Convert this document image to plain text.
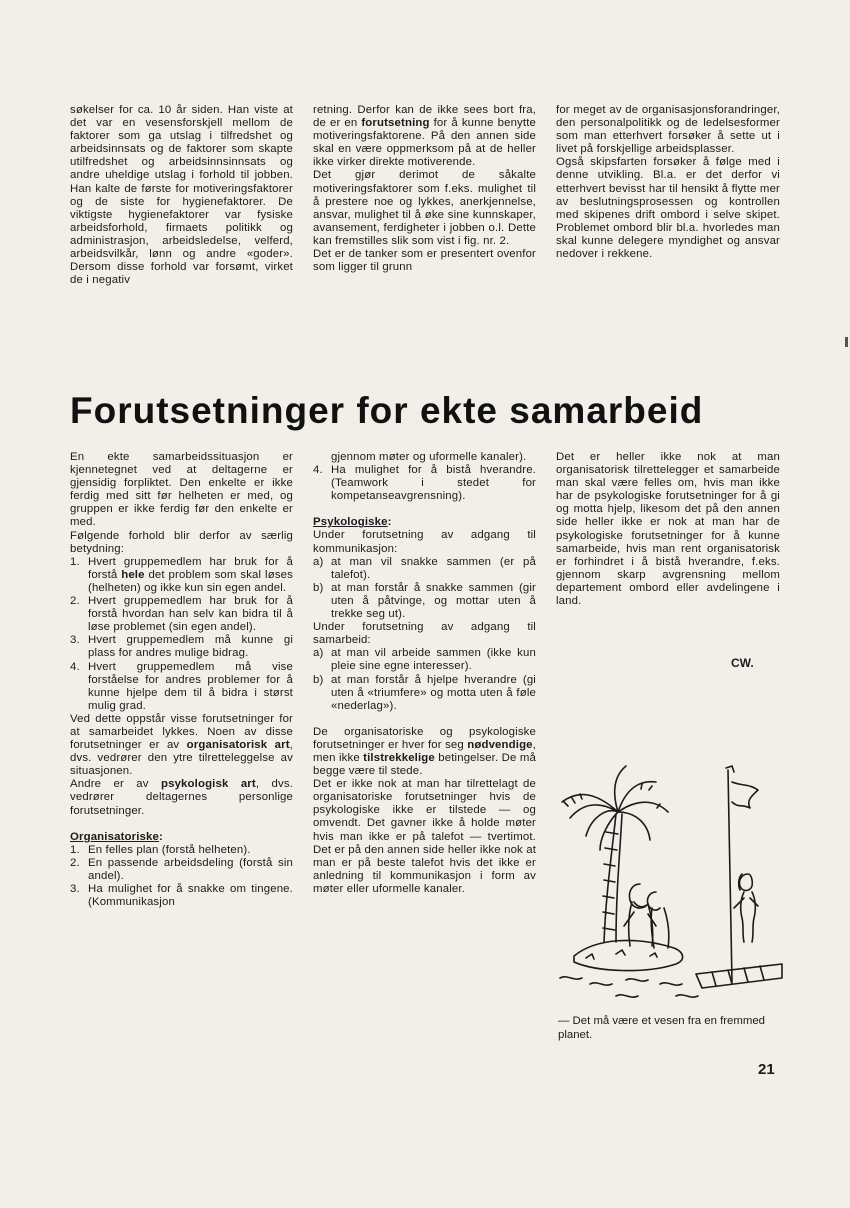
søkelser for ca. 10 år siden. Han viste at det var en vesensforskjell mellom de faktorer som ga utslag i tilfredshet og arbeidsinnsats og de faktorer som skapte utilfredshet og arbeidsinnsinnsats og andre uheldige utslag i forhold til jobben. Han kalte de første for motiveringsfaktorer og de siste for hygienefaktorer. De viktigste hygienefaktorer var fysiske arbeidsforhold, firmaets politikk og administrasjon, arbeidsledelse, velferd, arbeidsvilkår, lønn og andre «goder». Dersom disse forhold var forsømt, virket de i negativ

retning. Derfor kan de ikke sees bort fra, de er en forutsetning for å kunne benytte motiveringsfaktorene. På den annen side skal en være oppmerksom på at de heller ikke virker direkte motiverende.

Det gjør derimot de såkalte motiveringsfaktorer som f.eks. mulighet til å prestere noe og lykkes, anerkjennelse, ansvar, mulighet til å øke sine kunnskaper, avansement, ferdigheter i jobben o.l. Dette kan fremstilles slik som vist i fig. nr. 2.

Det er de tanker som er presentert ovenfor som ligger til grunn

for meget av de organisasjonsforandringer, den personalpolitikk og de ledelsesformer som man etterhvert forsøker å sette ut i livet på forskjellige arbeidsplasser.

Også skipsfarten forsøker å følge med i denne utvikling. Bl.a. er det derfor vi etterhvert bevisst har til hensikt å flytte mer av beslutningsprosessen og kontrollen med skipenes drift ombord i selve skipet. Problemet ombord blir bl.a. hvorledes man skal kunne delegere myndighet og ansvar nedover i rekkene.

Forutsetninger for ekte samarbeid

En ekte samarbeidssituasjon er kjennetegnet ved at deltagerne er gjensidig forpliktet. Den enkelte er ikke ferdig med sitt før helheten er med, og gruppen er ikke ferdig før den enkelte er med.

Følgende forhold blir derfor av særlig betydning:

1. Hvert gruppemedlem har bruk for å forstå hele det problem som skal løses (helheten) og ikke kun sin egen andel.
2. Hvert gruppemedlem har bruk for å forstå hvordan han selv kan bidra til å løse problemet (sin egen andel).
3. Hvert gruppemedlem må kunne gi plass for andres mulige bidrag.
4. Hvert gruppemedlem må vise forståelse for andres problemer for å kunne hjelpe dem til å bidra i størst mulig grad.

Ved dette oppstår visse forutsetninger for at samarbeidet lykkes. Noen av disse forutsetninger er av organisatorisk art, dvs. vedrører den ytre tilretteleggelse av situasjonen.

Andre er av psykologisk art, dvs. vedrører deltagernes personlige forutsetninger.

Organisatoriske:

1. En felles plan (forstå helheten).
2. En passende arbeidsdeling (forstå sin andel).
3. Ha mulighet for å snakke om tingene. (Kommunikasjon
gjennom møter og uformelle kanaler).
4. Ha mulighet for å bistå hverandre. (Teamwork i stedet for kompetanseavgrensning).

Psykologiske:

Under forutsetning av adgang til kommunikasjon:

a) at man vil snakke sammen (er på talefot).
b) at man forstår å snakke sammen (gir uten å påtvinge, og mottar uten å trekke seg ut).

Under forutsetning av adgang til samarbeid:

a) at man vil arbeide sammen (ikke kun pleie sine egne interesser).
b) at man forstår å hjelpe hverandre (gi uten å «triumfere» og motta uten å føle «nederlag»).

De organisatoriske og psykologiske forutsetninger er hver for seg nødvendige, men ikke tilstrekkelige betingelser. De må begge være til stede.

Det er ikke nok at man har tilrettelagt de organisatoriske forutsetninger hvis de psykologiske ikke er tilstede — og omvendt. Det gavner ikke å holde møter hvis man ikke er på talefot — tvertimot. Det er på den annen side heller ikke nok at man er på beste talefot hvis det ikke er anledning til kommunikasjon i form av møter eller uformelle kanaler.

Det er heller ikke nok at man organisatorisk tilrettelegger et samarbeide man skal være felles om, hvis man ikke har de psykologiske forutsetninger for å gi og motta hjelp, likesom det på den annen side heller ikke er nok at man har de psykologiske forutsetninger for å kunne samarbeide, hvis man rent organisatorisk er forhindret i å bistå hverandre, f.eks. gjennom skarp avgrensning mellom departement ombord eller avdelingene i land.

CW.
— Det må være et vesen fra en fremmed planet.
21
